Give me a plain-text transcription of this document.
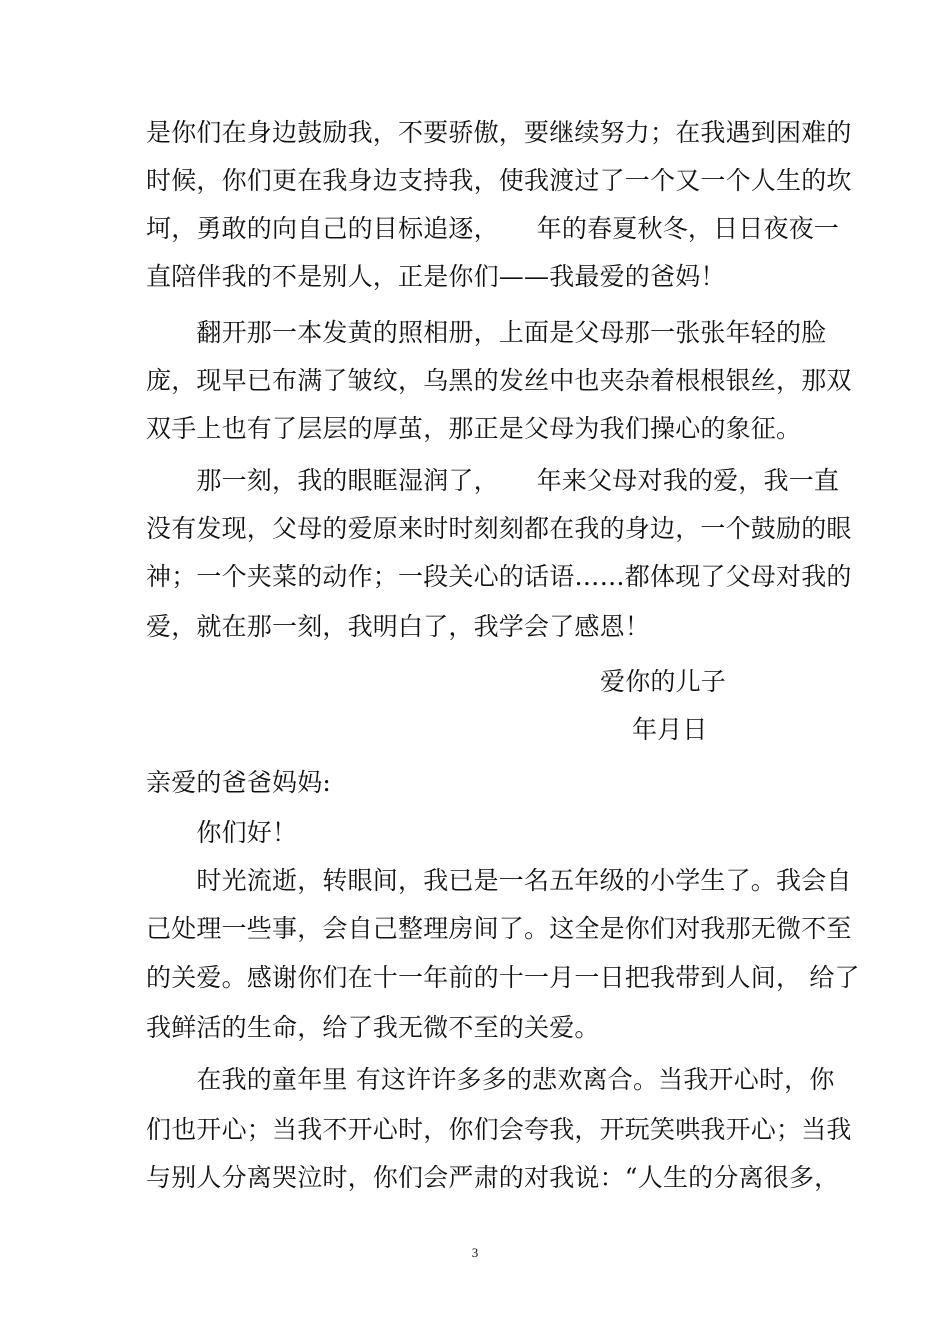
是你们在身边鼓励我，不要骄傲，要继续努力；在我遇到困难的
时候，你们更在我身边支持我，使我渡过了一个又一个人生的坎
坷，勇敢的向自己的目标追逐，　　年的春夏秋冬，日日夜夜一
直陪伴我的不是别人，正是你们——我最爱的爸妈！
　　翻开那一本发黄的照相册，上面是父母那一张张年轻的脸
庞，现早已布满了皱纹，乌黑的发丝中也夹杂着根根银丝，那双
双手上也有了层层的厚茧，那正是父母为我们操心的象征。
　　那一刻，我的眼眶湿润了，　　年来父母对我的爱，我一直
没有发现，父母的爱原来时时刻刻都在我的身边，一个鼓励的眼
神；一个夹菜的动作；一段关心的话语……都体现了父母对我的
爱，就在那一刻，我明白了，我学会了感恩！
爱你的儿子
年月日
亲爱的爸爸妈妈:
　　你们好！
　　时光流逝，转眼间，我已是一名五年级的小学生了。我会自
己处理一些事，会自己整理房间了。这全是你们对我那无微不至
的关爱。感谢你们在十一年前的十一月一日把我带到人间， 给了
我鲜活的生命，给了我无微不至的关爱。
　　在我的童年里 有这许许多多的悲欢离合。当我开心时，你
们也开心；当我不开心时，你们会夸我，开玩笑哄我开心；当我
与别人分离哭泣时，你们会严肃的对我说：“人生的分离很多，
3
